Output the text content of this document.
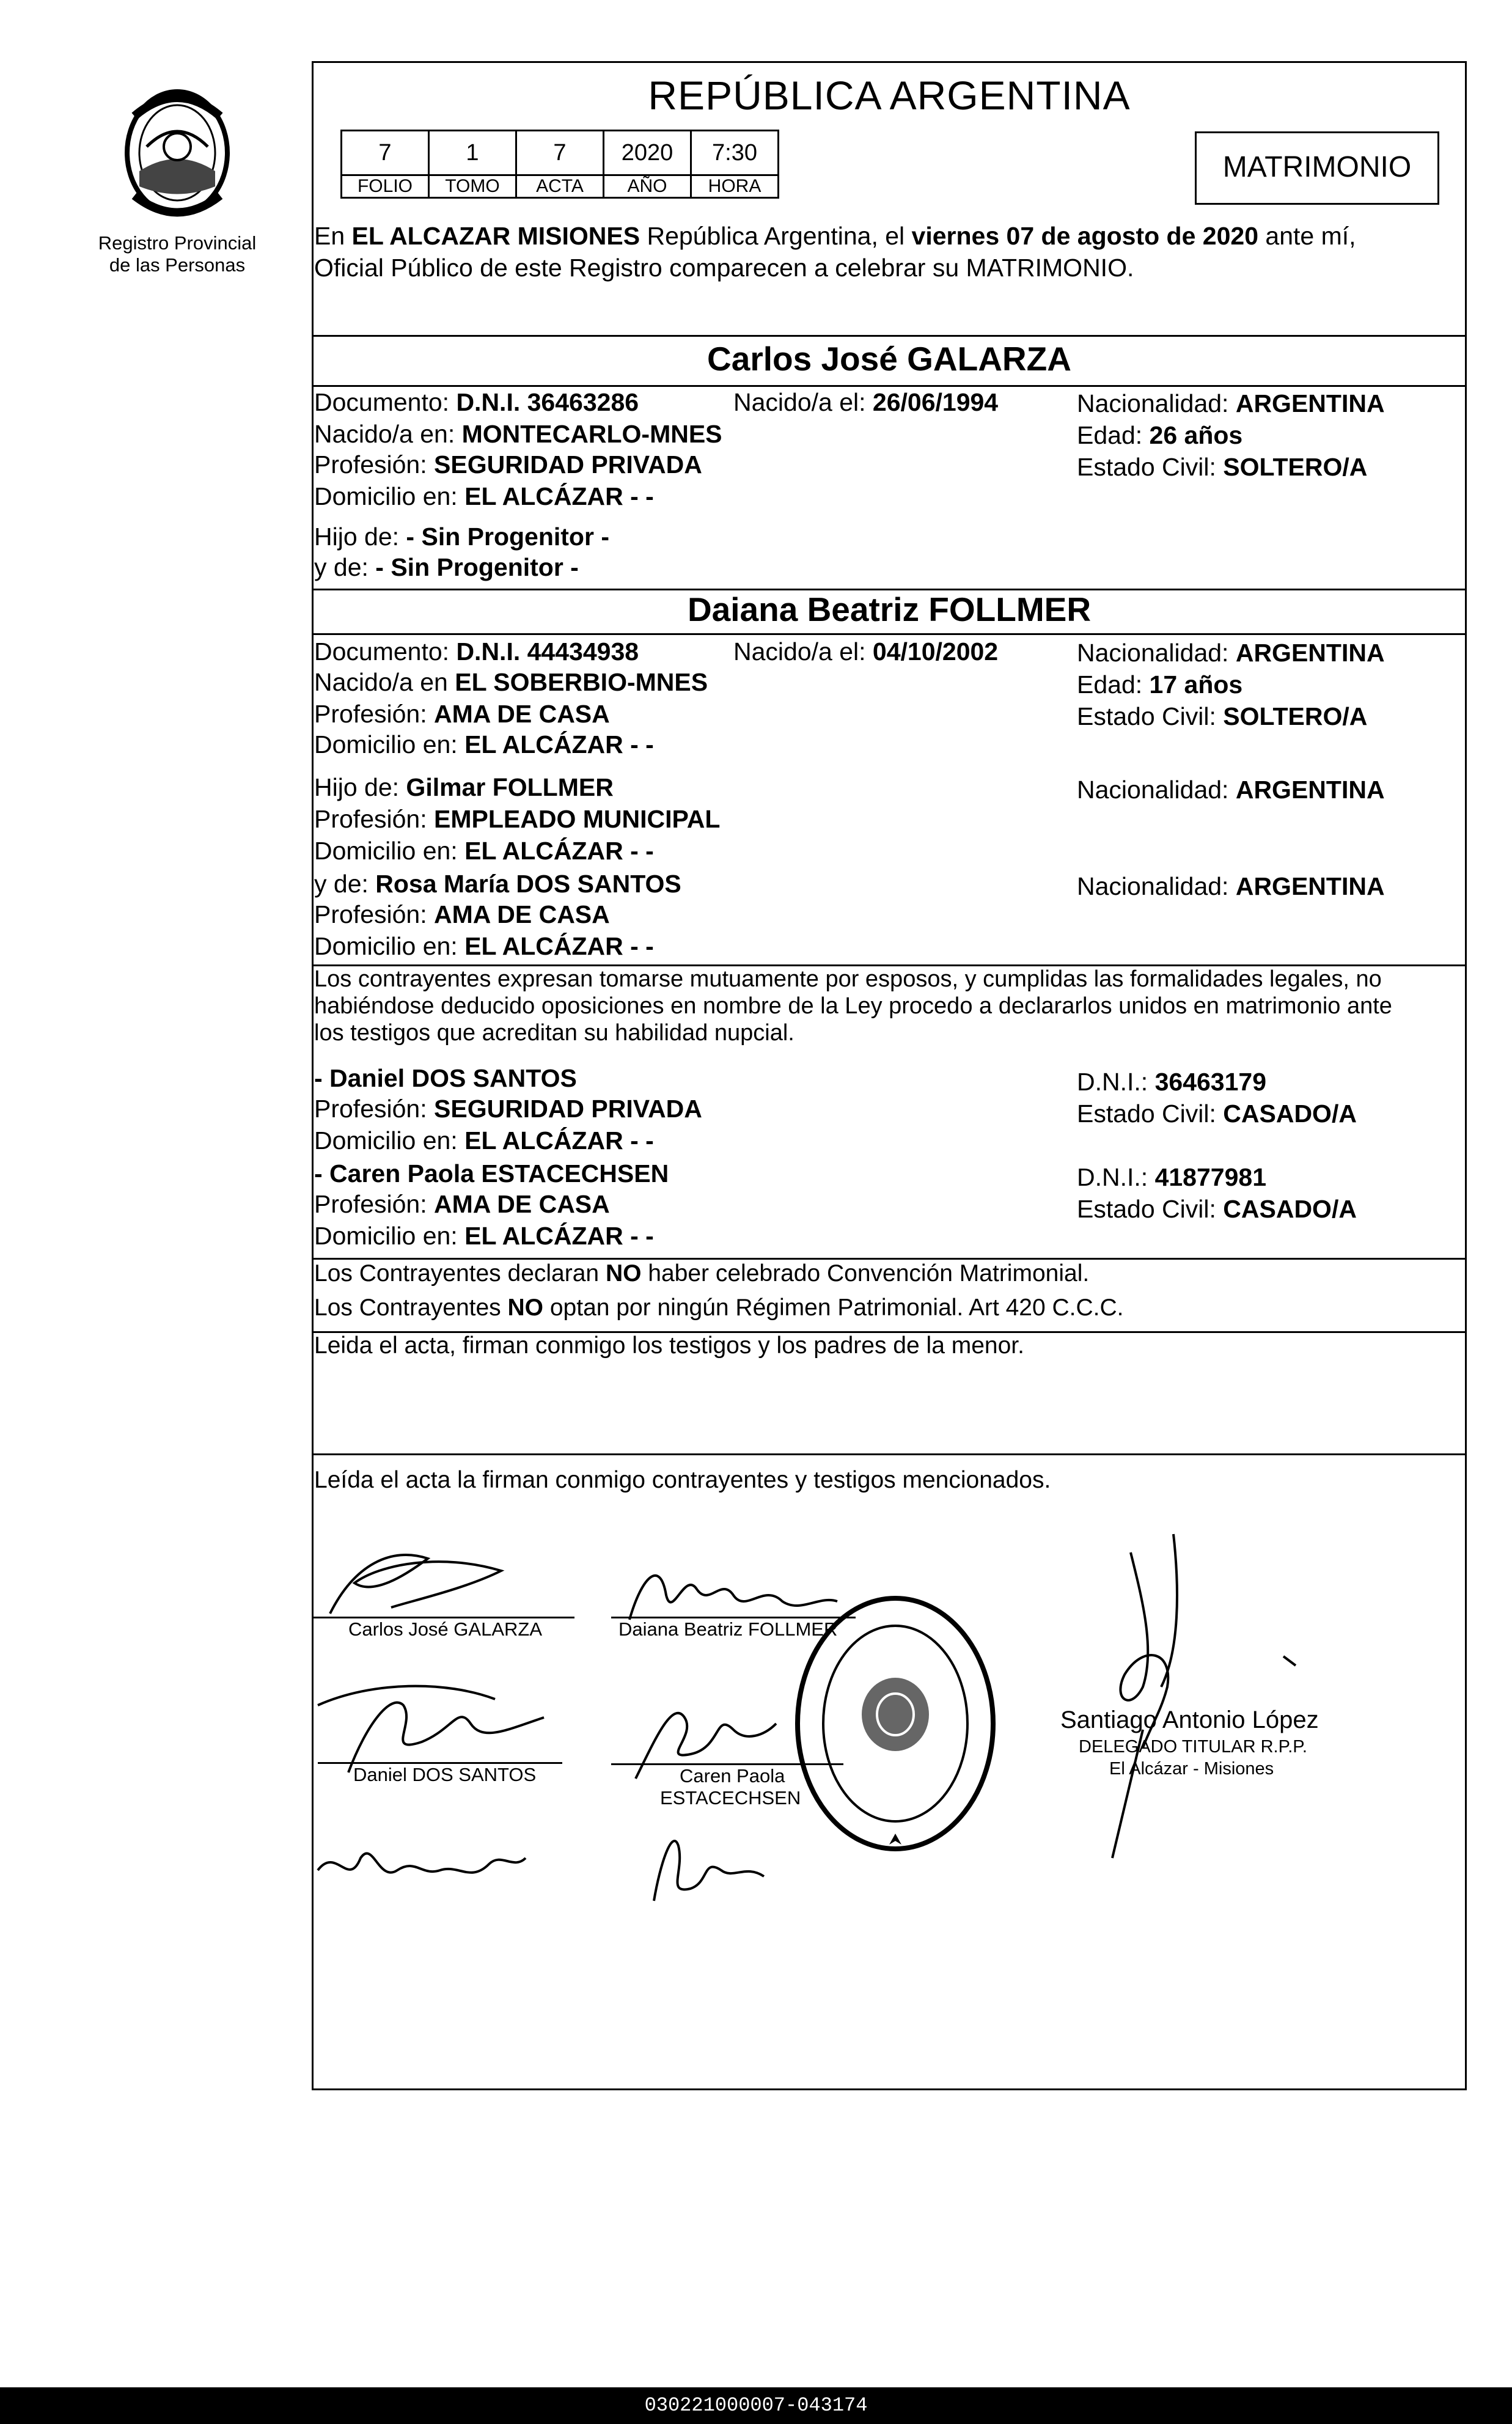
Registro Provincial
de las Personas
REPÚBLICA ARGENTINA
7	1	7	2020	7:30
FOLIO	TOMO	ACTA	AÑO	HORA
MATRIMONIO
En EL ALCAZAR MISIONES República Argentina, el viernes 07 de agosto de 2020 ante mí,
Oficial Público de este Registro comparecen a celebrar su MATRIMONIO.
Carlos José GALARZA
Documento: D.N.I. 36463286	Nacido/a el: 26/06/1994	Nacionalidad: ARGENTINA
Nacido/a en: MONTECARLO-MNES	Edad: 26 años
Profesión: SEGURIDAD PRIVADA	Estado Civil: SOLTERO/A
Domicilio en: EL ALCÁZAR - -
Hijo de: - Sin Progenitor -
y de: - Sin Progenitor -
Daiana Beatriz FOLLMER
Documento: D.N.I. 44434938	Nacido/a el: 04/10/2002	Nacionalidad: ARGENTINA
Nacido/a en EL SOBERBIO-MNES	Edad: 17 años
Profesión: AMA DE CASA	Estado Civil: SOLTERO/A
Domicilio en: EL ALCÁZAR - -
Hijo de: Gilmar FOLLMER	Nacionalidad: ARGENTINA
Profesión: EMPLEADO MUNICIPAL
Domicilio en: EL ALCÁZAR - -
y de: Rosa María DOS SANTOS	Nacionalidad: ARGENTINA
Profesión: AMA DE CASA
Domicilio en: EL ALCÁZAR - -
Los contrayentes expresan tomarse mutuamente por esposos, y cumplidas las formalidades legales, no
habiéndose deducido oposiciones en nombre de la Ley procedo a declararlos unidos en matrimonio ante
los testigos que acreditan su habilidad nupcial.
- Daniel DOS SANTOS	D.N.I.: 36463179
Profesión: SEGURIDAD PRIVADA	Estado Civil: CASADO/A
Domicilio en: EL ALCÁZAR - -
- Caren Paola ESTACECHSEN	D.N.I.: 41877981
Profesión: AMA DE CASA	Estado Civil: CASADO/A
Domicilio en: EL ALCÁZAR - -
Los Contrayentes declaran NO haber celebrado Convención Matrimonial.
Los Contrayentes NO optan por ningún Régimen Patrimonial. Art 420 C.C.C.
Leida el acta, firman conmigo los testigos y los padres de la menor.
Leída el acta la firman conmigo contrayentes y testigos mencionados.
Carlos José GALARZA	Daiana Beatriz FOLLMER
Daniel DOS SANTOS	Caren Paola
ESTACECHSEN
Santiago Antonio López
DELEGADO TITULAR R.P.P.
El Alcázar - Misiones
030221000007-043174
